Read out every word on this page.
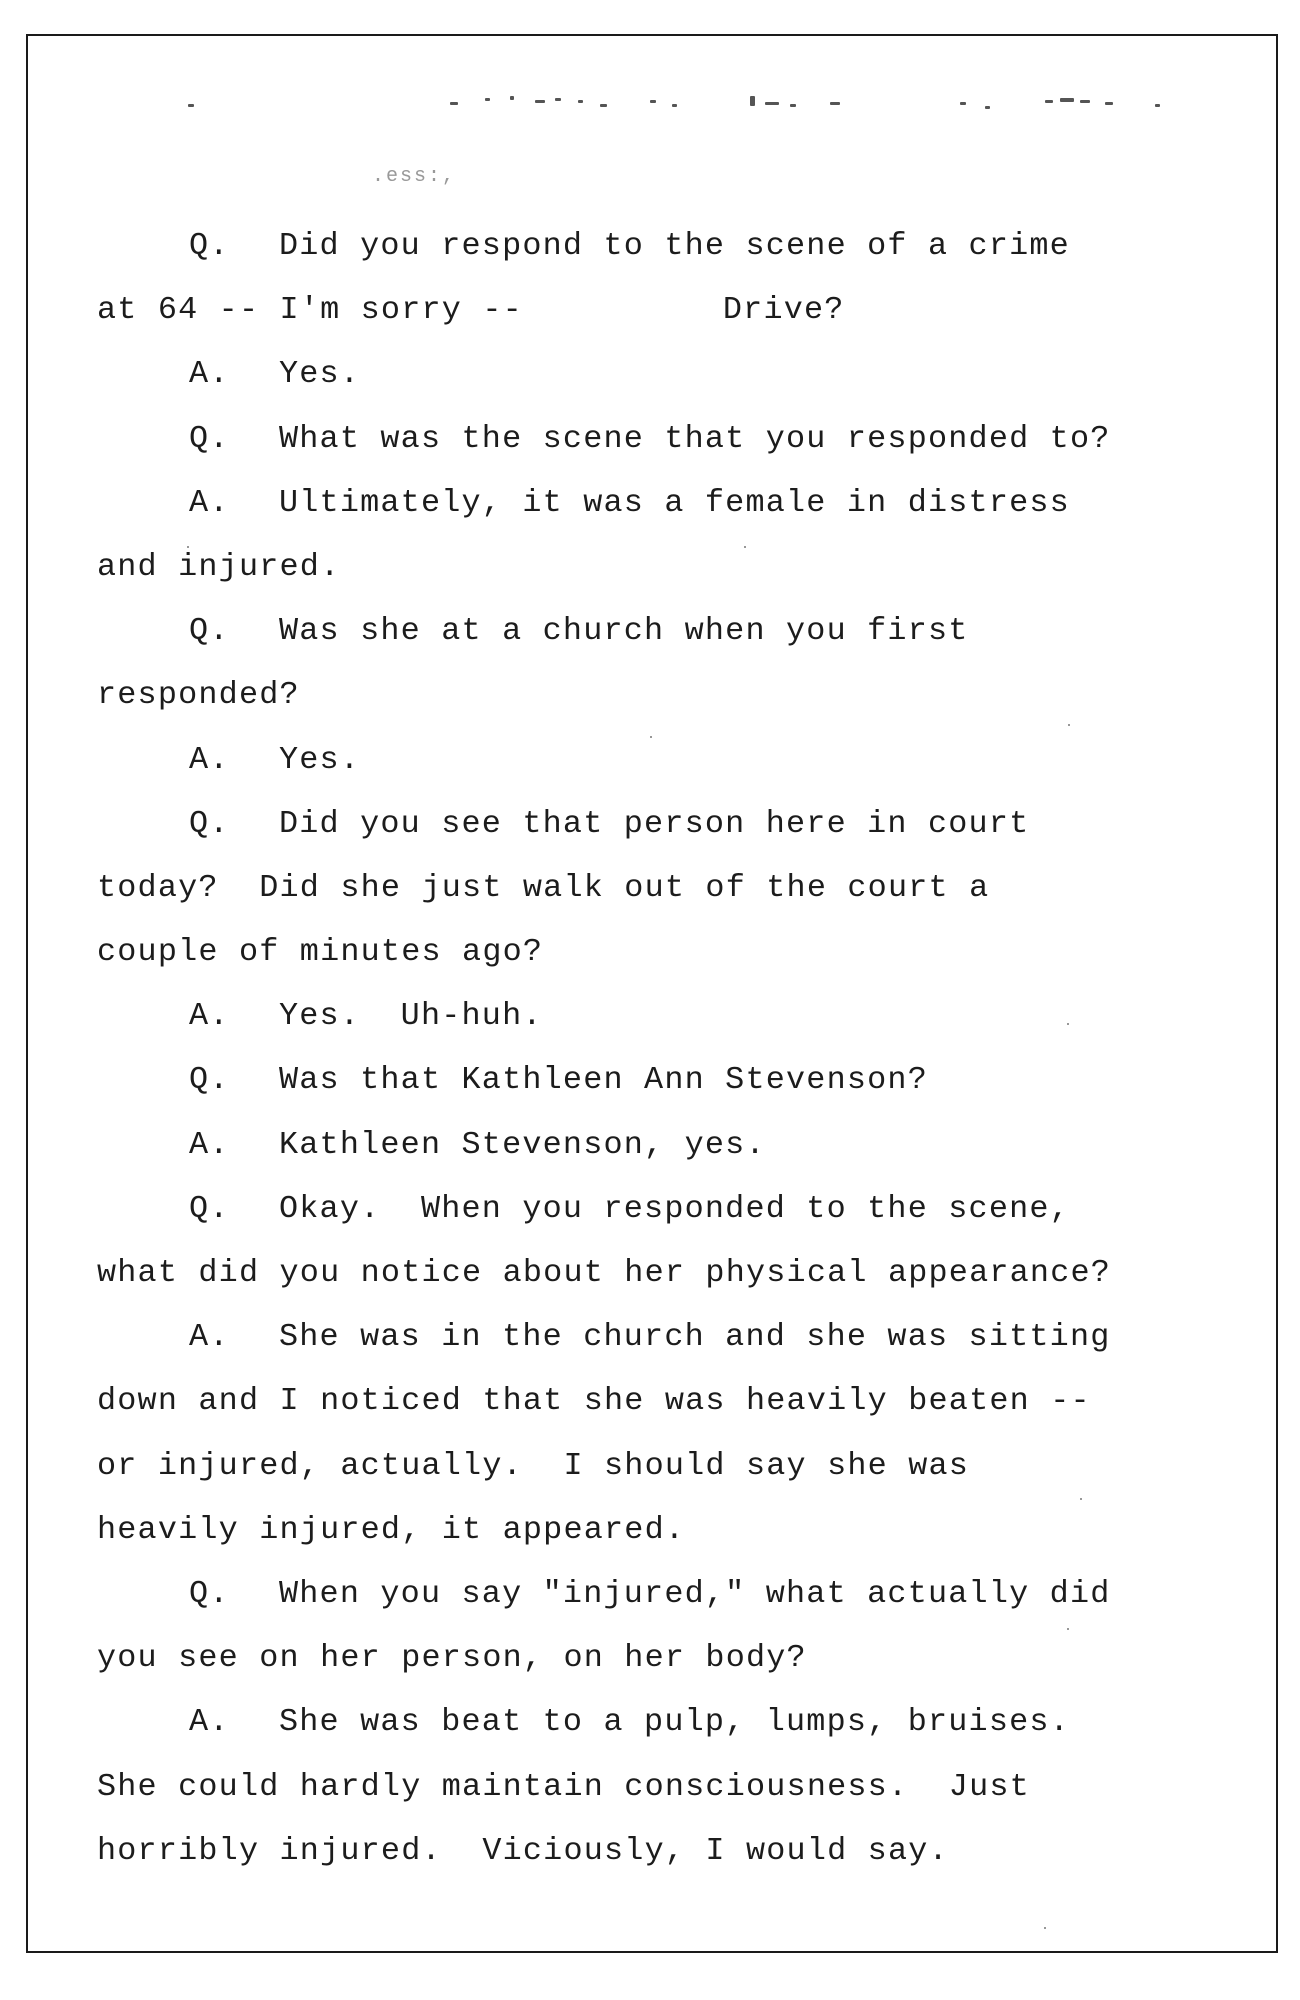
.ess:,
Q. Did you respond to the scene of a crime
at 64 -- I'm sorry --	Drive?
A. Yes.
Q. What was the scene that you responded to?
A. Ultimately, it was a female in distress
and injured.
Q. Was she at a church when you first
responded?
A. Yes.
Q. Did you see that person here in court
today?  Did she just walk out of the court a
couple of minutes ago?
A. Yes.  Uh-huh.
Q. Was that Kathleen Ann Stevenson?
A. Kathleen Stevenson, yes.
Q. Okay.  When you responded to the scene,
what did you notice about her physical appearance?
A. She was in the church and she was sitting
down and I noticed that she was heavily beaten --
or injured, actually.  I should say she was
heavily injured, it appeared.
Q. When you say "injured," what actually did
you see on her person, on her body?
A. She was beat to a pulp, lumps, bruises.
She could hardly maintain consciousness.  Just
horribly injured.  Viciously, I would say.
